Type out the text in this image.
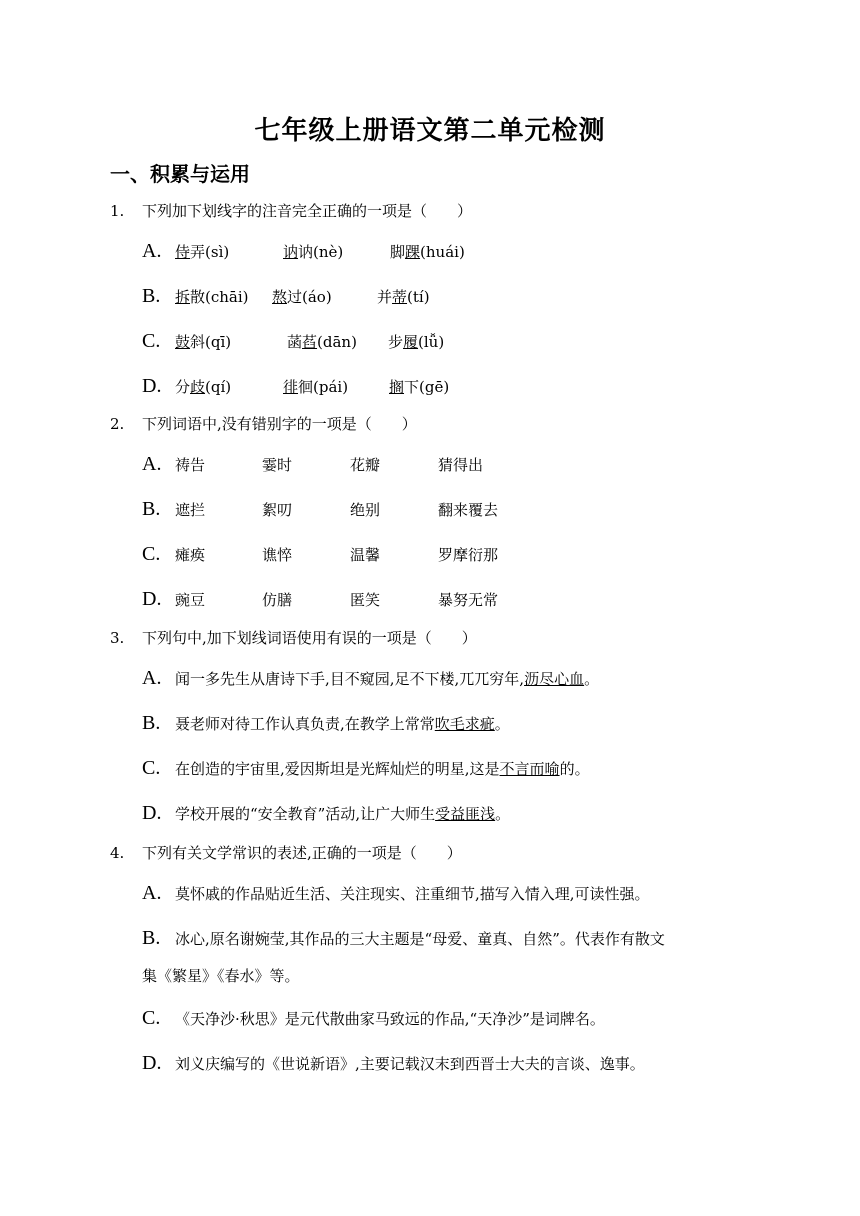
七年级上册语文第二单元检测
一、积累与运用
1. 下列加下划线字的注音完全正确的一项是（　　）
A. 侍弄(sì)	讷讷(nè)	脚踝(huái)
B. 拆散(chāi) 熬过(áo)	并蒂(tí)
C. 鼓斜(qī)	菡萏(dān) 步履(lǚ)
D. 分歧(qí)	徘徊(pái)	搁下(gē)
2. 下列词语中,没有错别字的一项是（　　）
A. 祷告	霎时	花瓣	猜得出
B. 遮拦	絮叨	绝别	翻来覆去
C. 瘫痪	谯悴	温馨	罗摩衍那
D. 豌豆	仿膳	匿笑	暴努无常
3. 下列句中,加下划线词语使用有误的一项是（　　）
A. 闻一多先生从唐诗下手,目不窥园,足不下楼,兀兀穷年,沥尽心血。
B. 聂老师对待工作认真负责,在教学上常常吹毛求疵。
C. 在创造的宇宙里,爱因斯坦是光辉灿烂的明星,这是不言而喻的。
D. 学校开展的“安全教育”活动,让广大师生受益匪浅。
4. 下列有关文学常识的表述,正确的一项是（　　）
A. 莫怀戚的作品贴近生活、关注现实、注重细节,描写入情入理,可读性强。
B. 冰心,原名谢婉莹,其作品的三大主题是“母爱、童真、自然”。代表作有散文
集《繁星》《春水》等。
C. 《天净沙·秋思》是元代散曲家马致远的作品,“天净沙”是词牌名。
D. 刘义庆编写的《世说新语》,主要记载汉末到西晋士大夫的言谈、逸事。
